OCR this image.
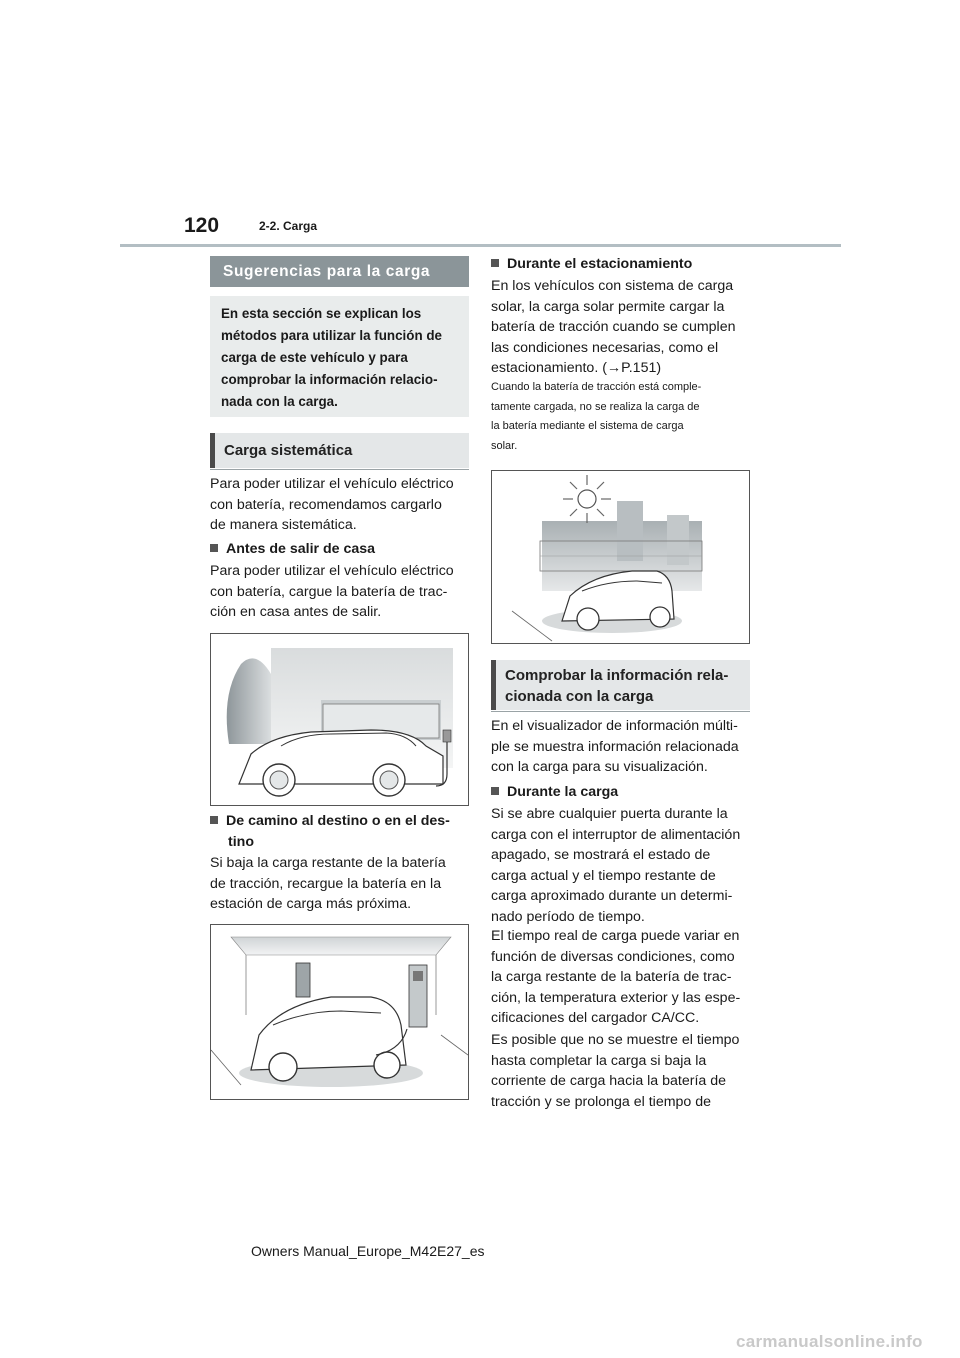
120	2-2. Carga
Sugerencias para la carga
En esta sección se explican los
métodos para utilizar la función de
carga de este vehículo y para
comprobar la información relacio-
nada con la carga.
Carga sistemática

Para poder utilizar el vehículo eléctrico

con batería, recomendamos cargarlo

de manera sistemática.

Antes de salir de casa

Para poder utilizar el vehículo eléctrico

con batería, cargue la batería de trac-

ción en casa antes de salir.

De camino al destino o en el des-
tino

Si baja la carga restante de la batería

de tracción, recargue la batería en la

estación de carga más próxima.

Durante el estacionamiento

En los vehículos con sistema de carga

solar, la carga solar permite cargar la

batería de tracción cuando se cumplen

las condiciones necesarias, como el

estacionamiento. (→P.151)

Cuando la batería de tracción está comple-

tamente cargada, no se realiza la carga de

la batería mediante el sistema de carga

solar.

Comprobar la información rela-
cionada con la carga

En el visualizador de información múlti-

ple se muestra información relacionada

con la carga para su visualización.

Durante la carga

Si se abre cualquier puerta durante la

carga con el interruptor de alimentación

apagado, se mostrará el estado de

carga actual y el tiempo restante de

carga aproximado durante un determi-

nado período de tiempo.

El tiempo real de carga puede variar en

función de diversas condiciones, como

la carga restante de la batería de trac-

ción, la temperatura exterior y las espe-

cificaciones del cargador CA/CC.

Es posible que no se muestre el tiempo

hasta completar la carga si baja la

corriente de carga hacia la batería de

tracción y se prolonga el tiempo de

Owners Manual_Europe_M42E27_es
carmanualsonline.info
